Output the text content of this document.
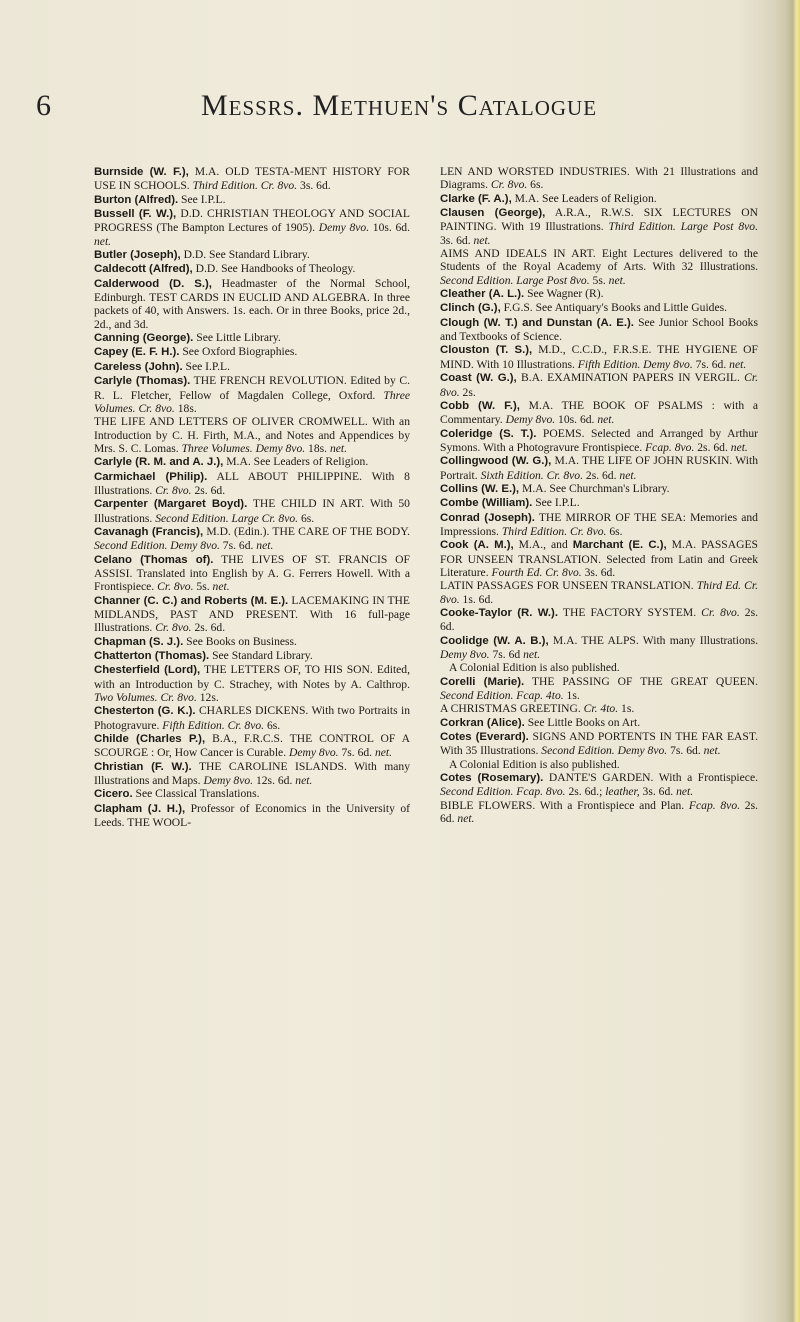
6	Messrs. Methuen's Catalogue

Burnside (W. F.), M.A. OLD TESTA-MENT HISTORY FOR USE IN SCHOOLS. Third Edition. Cr. 8vo. 3s. 6d.

Burton (Alfred). See I.P.L.

Bussell (F. W.), D.D. CHRISTIAN THEOLOGY AND SOCIAL PROGRESS (The Bampton Lectures of 1905). Demy 8vo. 10s. 6d. net.

Butler (Joseph), D.D. See Standard Library.

Caldecott (Alfred), D.D. See Handbooks of Theology.

Calderwood (D. S.), Headmaster of the Normal School, Edinburgh. TEST CARDS IN EUCLID AND ALGEBRA. In three packets of 40, with Answers. 1s. each. Or in three Books, price 2d., 2d., and 3d.

Canning (George). See Little Library.

Capey (E. F. H.). See Oxford Biographies.

Careless (John). See I.P.L.

Carlyle (Thomas). THE FRENCH REVOLUTION. Edited by C. R. L. Fletcher, Fellow of Magdalen College, Oxford. Three Volumes. Cr. 8vo. 18s.

THE LIFE AND LETTERS OF OLIVER CROMWELL. With an Introduction by C. H. Firth, M.A., and Notes and Appendices by Mrs. S. C. Lomas. Three Volumes. Demy 8vo. 18s. net.

Carlyle (R. M. and A. J.), M.A. See Leaders of Religion.

Carmichael (Philip). ALL ABOUT PHILIPPINE. With 8 Illustrations. Cr. 8vo. 2s. 6d.

Carpenter (Margaret Boyd). THE CHILD IN ART. With 50 Illustrations. Second Edition. Large Cr. 8vo. 6s.

Cavanagh (Francis), M.D. (Edin.). THE CARE OF THE BODY. Second Edition. Demy 8vo. 7s. 6d. net.

Celano (Thomas of). THE LIVES OF ST. FRANCIS OF ASSISI. Translated into English by A. G. Ferrers Howell. With a Frontispiece. Cr. 8vo. 5s. net.

Channer (C. C.) and Roberts (M. E.). LACEMAKING IN THE MIDLANDS, PAST AND PRESENT. With 16 full-page Illustrations. Cr. 8vo. 2s. 6d.

Chapman (S. J.). See Books on Business.

Chatterton (Thomas). See Standard Library.

Chesterfield (Lord), THE LETTERS OF, TO HIS SON. Edited, with an Introduction by C. Strachey, with Notes by A. Calthrop. Two Volumes. Cr. 8vo. 12s.

Chesterton (G. K.). CHARLES DICKENS. With two Portraits in Photogravure. Fifth Edition. Cr. 8vo. 6s.

Childe (Charles P.), B.A., F.R.C.S. THE CONTROL OF A SCOURGE : Or, How Cancer is Curable. Demy 8vo. 7s. 6d. net.

Christian (F. W.). THE CAROLINE ISLANDS. With many Illustrations and Maps. Demy 8vo. 12s. 6d. net.

Cicero. See Classical Translations.

Clapham (J. H.), Professor of Economics in the University of Leeds. THE WOOL-

LEN AND WORSTED INDUSTRIES. With 21 Illustrations and Diagrams. Cr. 8vo. 6s.

Clarke (F. A.), M.A. See Leaders of Religion.

Clausen (George), A.R.A., R.W.S. SIX LECTURES ON PAINTING. With 19 Illustrations. Third Edition. Large Post 8vo. 3s. 6d. net.

AIMS AND IDEALS IN ART. Eight Lectures delivered to the Students of the Royal Academy of Arts. With 32 Illustrations. Second Edition. Large Post 8vo. 5s. net.

Cleather (A. L.). See Wagner (R).

Clinch (G.), F.G.S. See Antiquary's Books and Little Guides.

Clough (W. T.) and Dunstan (A. E.). See Junior School Books and Textbooks of Science.

Clouston (T. S.), M.D., C.C.D., F.R.S.E. THE HYGIENE OF MIND. With 10 Illustrations. Fifth Edition. Demy 8vo. 7s. 6d. net.

Coast (W. G.), B.A. EXAMINATION PAPERS IN VERGIL. Cr. 8vo. 2s.

Cobb (W. F.), M.A. THE BOOK OF PSALMS : with a Commentary. Demy 8vo. 10s. 6d. net.

Coleridge (S. T.). POEMS. Selected and Arranged by Arthur Symons. With a Photogravure Frontispiece. Fcap. 8vo. 2s. 6d. net.

Collingwood (W. G.), M.A. THE LIFE OF JOHN RUSKIN. With Portrait. Sixth Edition. Cr. 8vo. 2s. 6d. net.

Collins (W. E.), M.A. See Churchman's Library.

Combe (William). See I.P.L.

Conrad (Joseph). THE MIRROR OF THE SEA: Memories and Impressions. Third Edition. Cr. 8vo. 6s.

Cook (A. M.), M.A., and Marchant (E. C.), M.A. PASSAGES FOR UNSEEN TRANSLATION. Selected from Latin and Greek Literature. Fourth Ed. Cr. 8vo. 3s. 6d.

LATIN PASSAGES FOR UNSEEN TRANSLATION. Third Ed. Cr. 8vo. 1s. 6d.

Cooke-Taylor (R. W.). THE FACTORY SYSTEM. Cr. 8vo. 2s. 6d.

Coolidge (W. A. B.), M.A. THE ALPS. With many Illustrations. Demy 8vo. 7s. 6d net.

A Colonial Edition is also published.

Corelli (Marie). THE PASSING OF THE GREAT QUEEN. Second Edition. Fcap. 4to. 1s.

A CHRISTMAS GREETING. Cr. 4to. 1s.

Corkran (Alice). See Little Books on Art.

Cotes (Everard). SIGNS AND PORTENTS IN THE FAR EAST. With 35 Illustrations. Second Edition. Demy 8vo. 7s. 6d. net.

A Colonial Edition is also published.

Cotes (Rosemary). DANTE'S GARDEN. With a Frontispiece. Second Edition. Fcap. 8vo. 2s. 6d.; leather, 3s. 6d. net.

BIBLE FLOWERS. With a Frontispiece and Plan. Fcap. 8vo. 2s. 6d. net.
